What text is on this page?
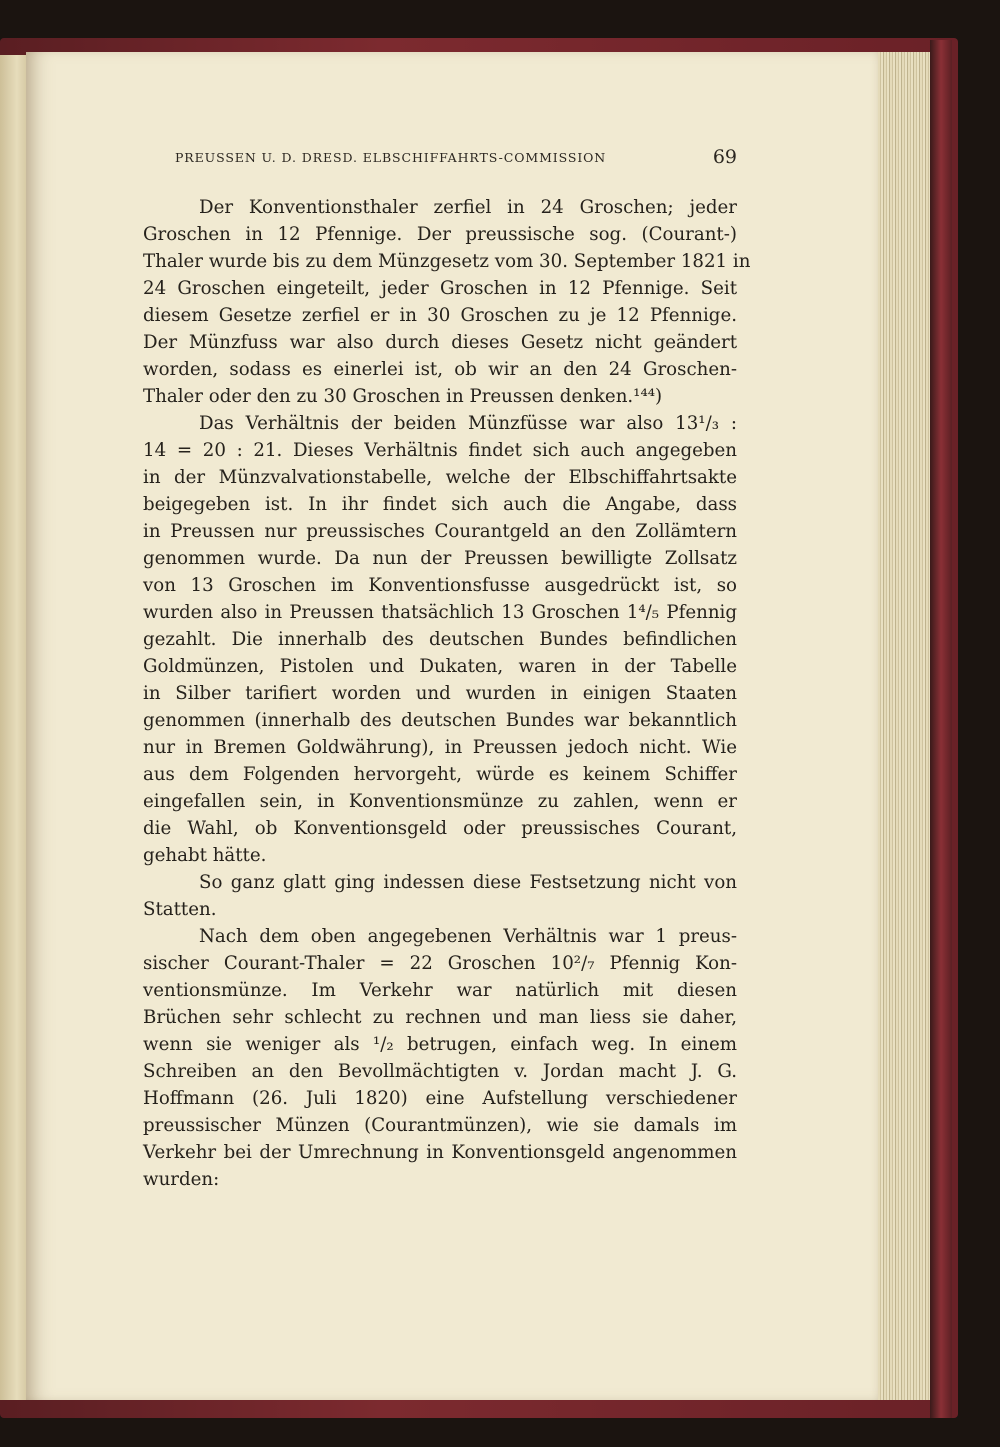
PREUSSEN U. D. DRESD. ELBSCHIFFAHRTS-COMMISSION	69
Der Konventionsthaler zerfiel in 24 Groschen; jeder
Groschen in 12 Pfennige. Der preussische sog. (Courant-)
Thaler wurde bis zu dem Münzgesetz vom 30. September 1821 in
24 Groschen eingeteilt, jeder Groschen in 12 Pfennige. Seit
diesem Gesetze zerfiel er in 30 Groschen zu je 12 Pfennige.
Der Münzfuss war also durch dieses Gesetz nicht geändert
worden, sodass es einerlei ist, ob wir an den 24 Groschen-
Thaler oder den zu 30 Groschen in Preussen denken.¹⁴⁴)
Das Verhältnis der beiden Münzfüsse war also 13¹/₃ :
14 = 20 : 21. Dieses Verhältnis findet sich auch angegeben
in der Münzvalvationstabelle, welche der Elbschiffahrtsakte
beigegeben ist. In ihr findet sich auch die Angabe, dass
in Preussen nur preussisches Courantgeld an den Zollämtern
genommen wurde. Da nun der Preussen bewilligte Zollsatz
von 13 Groschen im Konventionsfusse ausgedrückt ist, so
wurden also in Preussen thatsächlich 13 Groschen 1⁴/₅ Pfennig
gezahlt. Die innerhalb des deutschen Bundes befindlichen
Goldmünzen, Pistolen und Dukaten, waren in der Tabelle
in Silber tarifiert worden und wurden in einigen Staaten
genommen (innerhalb des deutschen Bundes war bekanntlich
nur in Bremen Goldwährung), in Preussen jedoch nicht. Wie
aus dem Folgenden hervorgeht, würde es keinem Schiffer
eingefallen sein, in Konventionsmünze zu zahlen, wenn er
die Wahl, ob Konventionsgeld oder preussisches Courant,
gehabt hätte.
So ganz glatt ging indessen diese Festsetzung nicht von
Statten.
Nach dem oben angegebenen Verhältnis war 1 preus-
sischer Courant-Thaler = 22 Groschen 10²/₇ Pfennig Kon-
ventionsmünze. Im Verkehr war natürlich mit diesen
Brüchen sehr schlecht zu rechnen und man liess sie daher,
wenn sie weniger als ¹/₂ betrugen, einfach weg. In einem
Schreiben an den Bevollmächtigten v. Jordan macht J. G.
Hoffmann (26. Juli 1820) eine Aufstellung verschiedener
preussischer Münzen (Courantmünzen), wie sie damals im
Verkehr bei der Umrechnung in Konventionsgeld angenommen
wurden:
